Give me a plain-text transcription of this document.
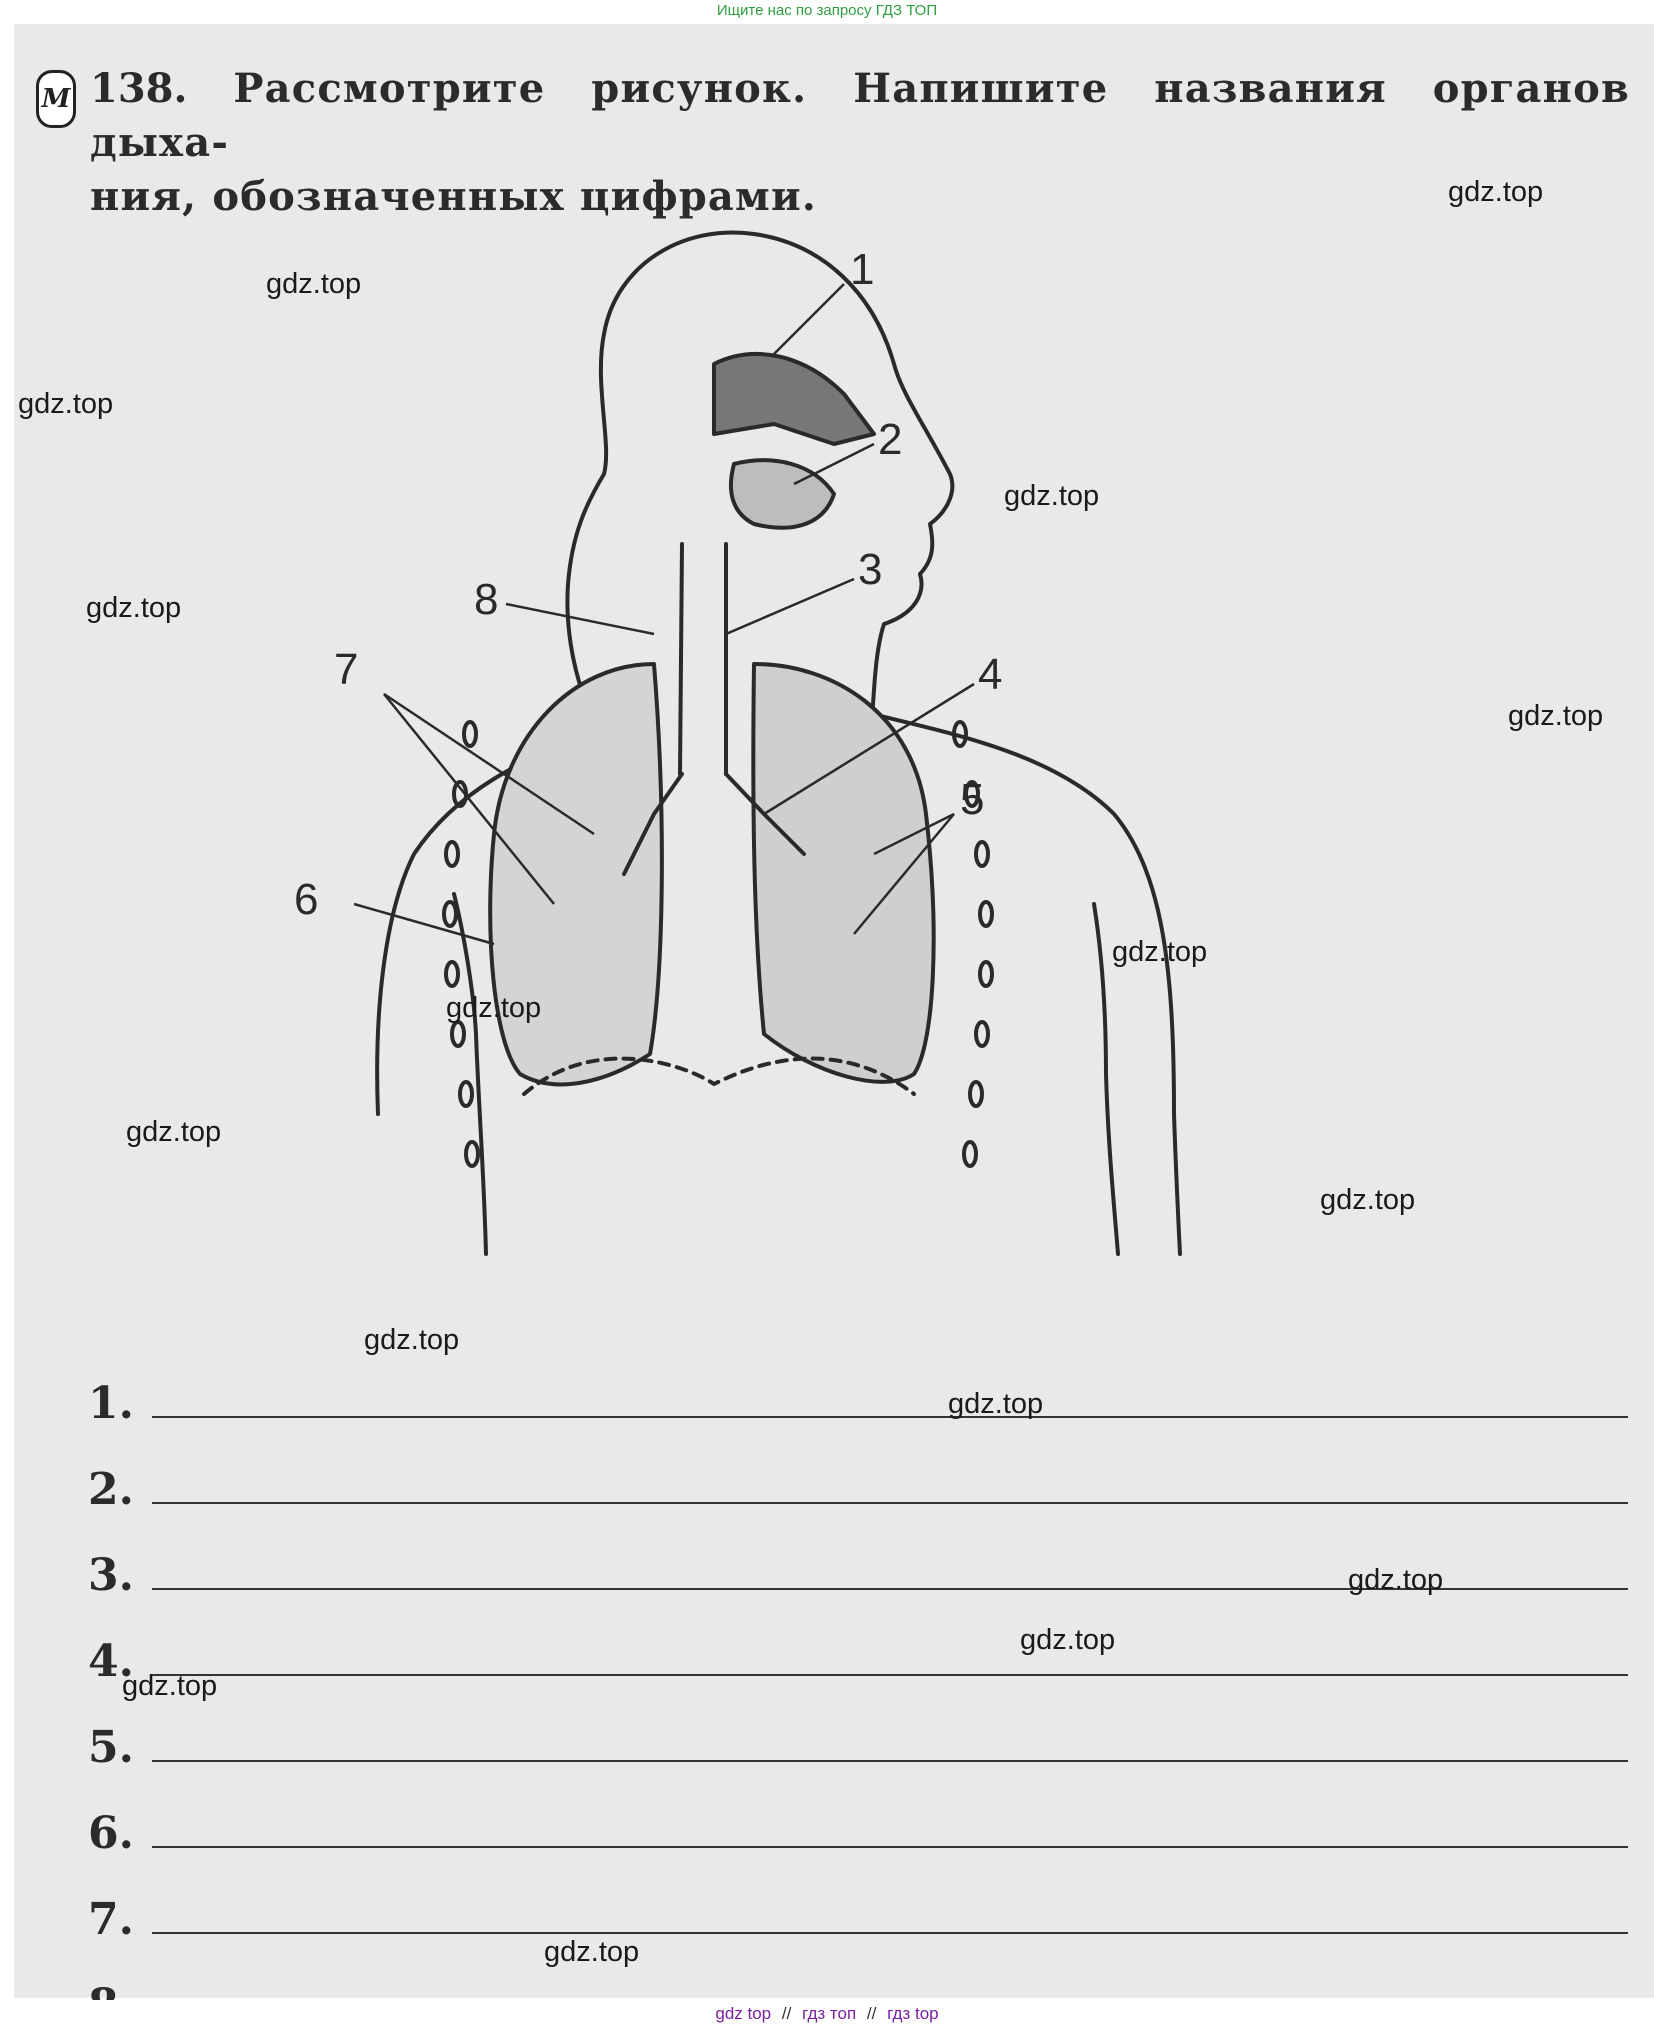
Ищите нас по запросу ГДЗ ТОП
М 138. Рассмотрите рисунок. Напишите названия органов дыха-
ния, обозначенных цифрами.
1
2
3
4
5
6
7
8
1.
2.
3.
4.
5.
6.
7.
gdz.top
gdz.top
gdz.top
gdz.top
gdz.top
gdz.top
gdz.top
gdz.top
gdz.top
gdz.top
gdz.top
gdz.top
gdz.top
gdz.top
gdz.top
gdz.top
gdz top // гдз топ // гдз top
